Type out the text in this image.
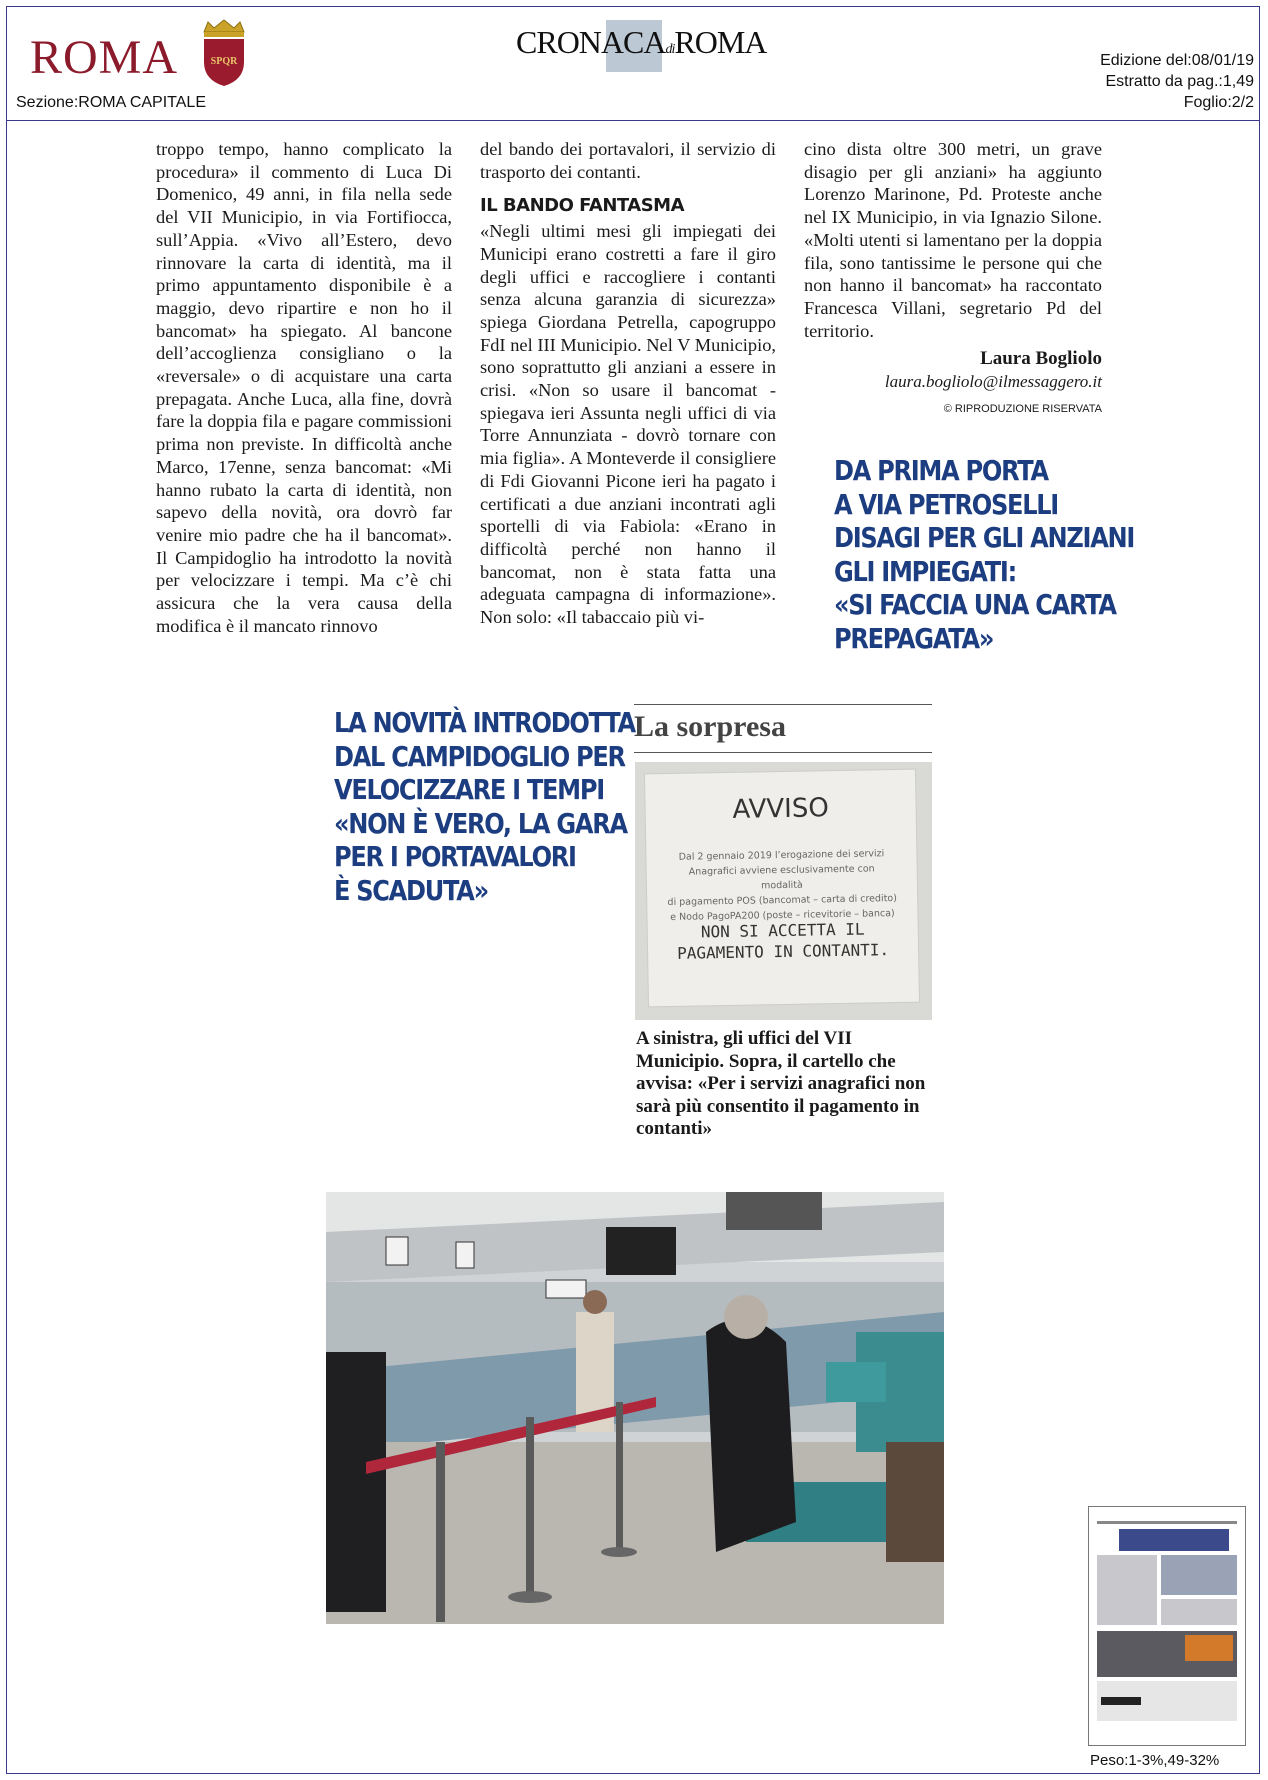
ROMA	SPQR
Sezione:ROMA CAPITALE
CRONACAdiROMA
Edizione del:08/01/19
Estratto da pag.:1,49
Foglio:2/2

troppo tempo, hanno complicato la procedura» il commento di Luca Di Domenico, 49 anni, in fila nella sede del VII Municipio, in via Fortifiocca, sull’Appia. «Vivo all’Estero, devo rinnovare la carta di identità, ma il primo appuntamento disponibile è a maggio, devo ripartire e non ho il bancomat» ha spiegato. Al bancone dell’accoglienza consigliano o la «reversale» o di acquistare una carta prepagata. Anche Luca, alla fine, dovrà fare la doppia fila e pagare commissioni prima non previste. In difficoltà anche Marco, 17enne, senza bancomat: «Mi hanno rubato la carta di identità, non sapevo della novità, ora dovrò far venire mio padre che ha il bancomat». Il Campidoglio ha introdotto la novità per velocizzare i tempi. Ma c’è chi assicura che la vera causa della modifica è il mancato rinnovo

del bando dei portavalori, il servizio di trasporto dei contanti.

IL BANDO FANTASMA

«Negli ultimi mesi gli impiegati dei Municipi erano costretti a fare il giro degli uffici e raccogliere i contanti senza alcuna garanzia di sicurezza» spiega Giordana Petrella, capogruppo FdI nel III Municipio. Nel V Municipio, sono soprattutto gli anziani a essere in crisi. «Non so usare il bancomat - spiegava ieri Assunta negli uffici di via Torre Annunziata - dovrò tornare con mia figlia». A Monteverde il consigliere di Fdi Giovanni Picone ieri ha pagato i certificati a due anziani incontrati agli sportelli di via Fabiola: «Erano in difficoltà perché non hanno il bancomat, non è stata fatta una adeguata campagna di informazione». Non solo: «Il tabaccaio più vi-

cino dista oltre 300 metri, un grave disagio per gli anziani» ha aggiunto Lorenzo Marinone, Pd. Proteste anche nel IX Municipio, in via Ignazio Silone. «Molti utenti si lamentano per la doppia fila, sono tantissime le persone qui che non hanno il bancomat» ha raccontato Francesca Villani, segretario Pd del territorio.

Laura Bogliolo

laura.bogliolo@ilmessaggero.it

© RIPRODUZIONE RISERVATA

DA PRIMA PORTA
A VIA PETROSELLI
DISAGI PER GLI ANZIANI
GLI IMPIEGATI:
«SI FACCIA UNA CARTA
PREPAGATA»
LA NOVITÀ INTRODOTTA
DAL CAMPIDOGLIO PER
VELOCIZZARE I TEMPI
«NON È VERO, LA GARA
PER I PORTAVALORI
È SCADUTA»
La sorpresa
AVVISO
Dal 2 gennaio 2019 l’erogazione dei servizi
Anagrafici avviene esclusivamente con modalità
di pagamento POS (bancomat – carta di credito)
e Nodo PagoPA200 (poste – ricevitorie – banca)
NON SI ACCETTA IL
PAGAMENTO IN CONTANTI.
A sinistra, gli uffici del VII Municipio. Sopra, il cartello che avvisa: «Per i servizi anagrafici non sarà più consentito il pagamento in contanti»
Peso:1-3%,49-32%
